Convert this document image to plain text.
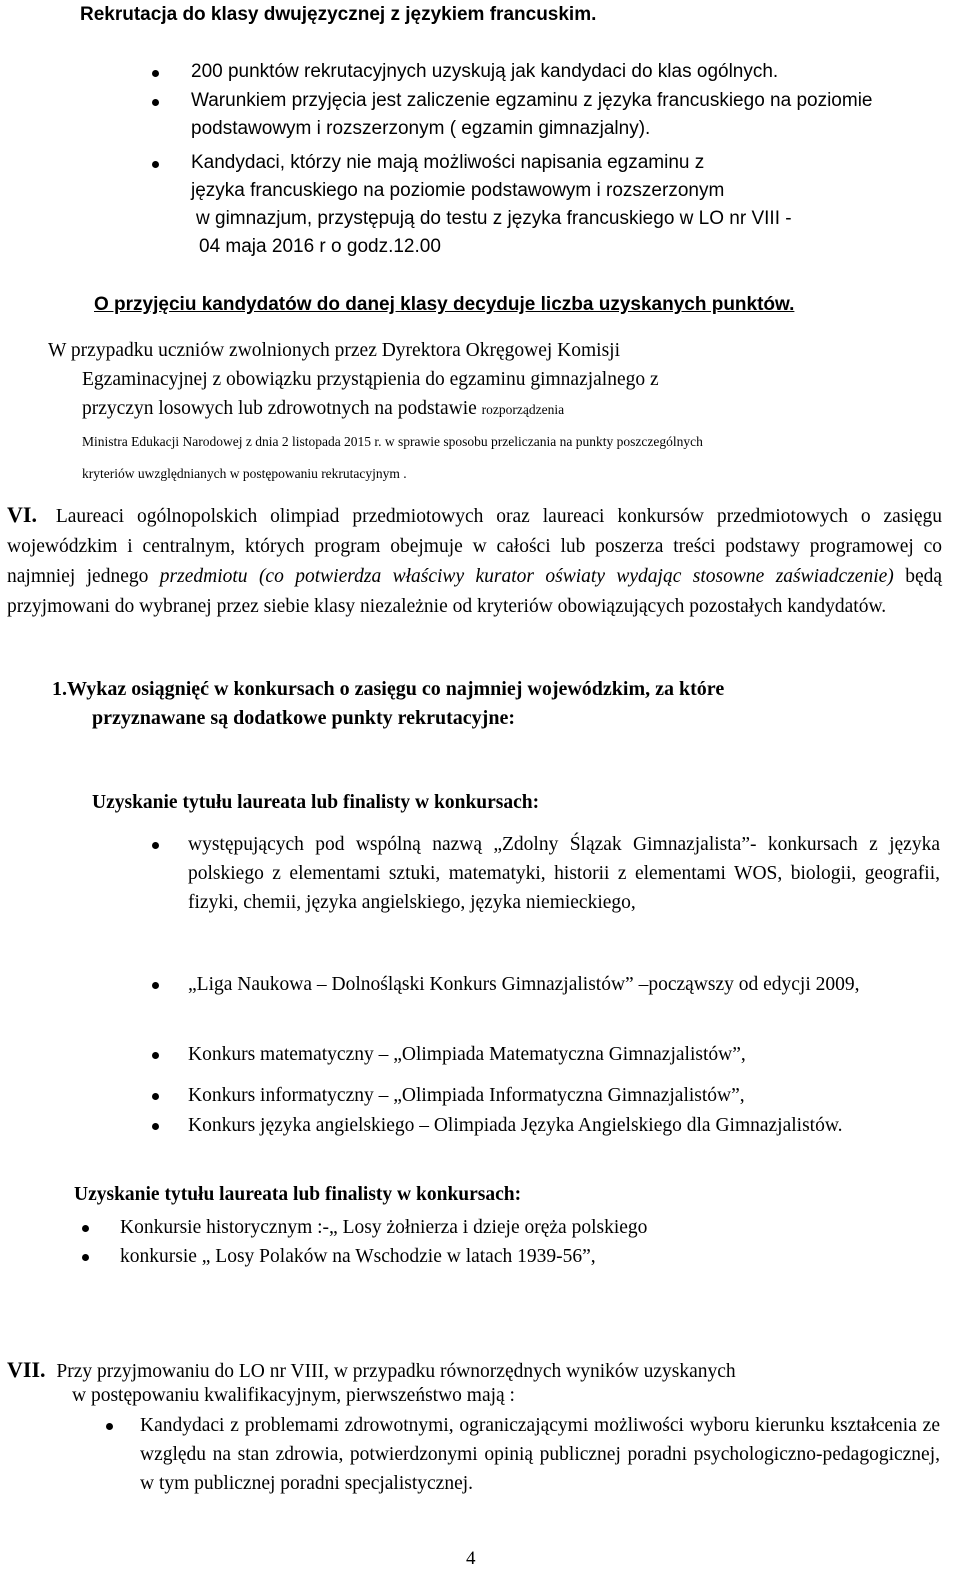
Rekrutacja do klasy dwujęzycznej z językiem francuskim.
200 punktów rekrutacyjnych uzyskują jak kandydaci do klas ogólnych.
Warunkiem przyjęcia jest zaliczenie egzaminu z języka francuskiego na poziomie podstawowym i rozszerzonym ( egzamin gimnazjalny).
Kandydaci, którzy nie mają możliwości napisania egzaminu z
języka francuskiego na poziomie podstawowym i rozszerzonym
w gimnazjum, przystępują do testu z języka francuskiego w LO nr VIII -
04 maja 2016 r o godz.12.00
O przyjęciu kandydatów do danej klasy decyduje liczba uzyskanych punktów.
W przypadku uczniów zwolnionych przez Dyrektora Okręgowej Komisji
Egzaminacyjnej z obowiązku przystąpienia do egzaminu gimnazjalnego z
przyczyn losowych lub zdrowotnych na podstawie rozporządzenia
Ministra Edukacji Narodowej z dnia 2 listopada 2015 r. w sprawie sposobu przeliczania na punkty poszczególnych
kryteriów uwzględnianych w postępowaniu rekrutacyjnym .
VI. Laureaci ogólnopolskich olimpiad przedmiotowych oraz laureaci konkursów przedmiotowych o zasięgu wojewódzkim i centralnym, których program obejmuje w całości lub poszerza treści podstawy programowej co najmniej jednego przedmiotu (co potwierdza właściwy kurator oświaty wydając stosowne zaświadczenie) będą przyjmowani do wybranej przez siebie klasy niezależnie od kryteriów obowiązujących pozostałych kandydatów.
1.Wykaz osiągnięć w konkursach o zasięgu co najmniej wojewódzkim, za które
przyznawane są dodatkowe punkty rekrutacyjne:
Uzyskanie tytułu laureata lub finalisty w konkursach:
występujących pod wspólną nazwą „Zdolny Ślązak Gimnazjalista”- konkursach z języka polskiego z elementami sztuki, matematyki, historii z elementami WOS, biologii, geografii, fizyki, chemii, języka angielskiego, języka niemieckiego,
„Liga Naukowa – Dolnośląski Konkurs Gimnazjalistów” –począwszy od edycji 2009,
Konkurs matematyczny – „Olimpiada Matematyczna Gimnazjalistów”,
Konkurs informatyczny – „Olimpiada Informatyczna Gimnazjalistów”,
Konkurs języka angielskiego – Olimpiada Języka Angielskiego dla Gimnazjalistów.
Uzyskanie tytułu laureata lub finalisty w konkursach:
Konkursie historycznym :-„ Losy żołnierza i dzieje oręża polskiego
konkursie „ Losy Polaków na Wschodzie w latach 1939-56”,
VII. Przy przyjmowaniu do LO nr VIII, w przypadku równorzędnych wyników uzyskanych
w postępowaniu kwalifikacyjnym, pierwszeństwo mają :
Kandydaci z problemami zdrowotnymi, ograniczającymi możliwości wyboru kierunku kształcenia ze względu na stan zdrowia, potwierdzonymi opinią publicznej poradni psychologiczno-pedagogicznej, w tym publicznej poradni specjalistycznej.
4
